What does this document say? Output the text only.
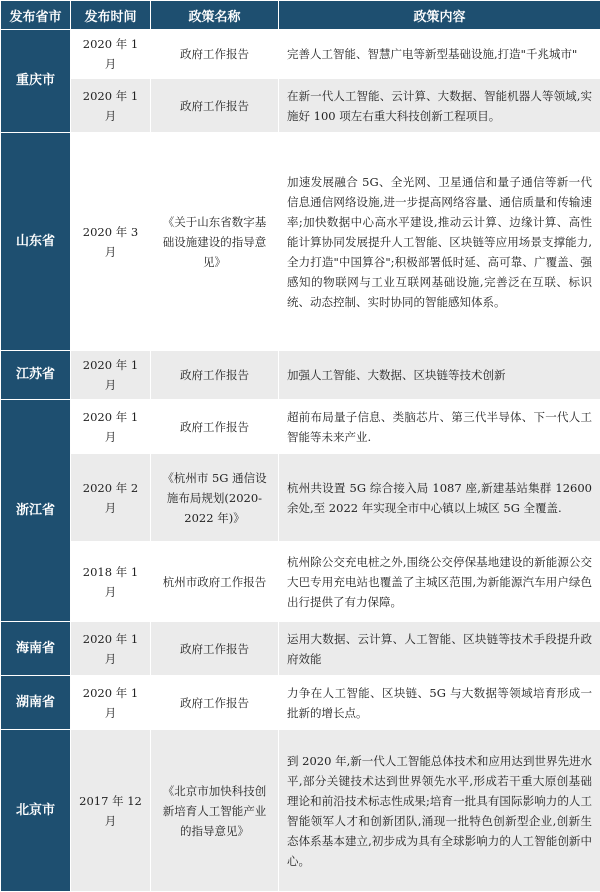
发布省市	发布时间	政策名称	政策内容
重庆市	2020 年 1 月	政府工作报告	完善人工智能、智慧广电等新型基础设施,打造"千兆城市"
	2020 年 1 月	政府工作报告	在新一代人工智能、云计算、大数据、智能机器人等领域,实施好 100 项左右重大科技创新工程项目。
山东省	2020 年 3 月	《关于山东省数字基础设施建设的指导意见》	加速发展融合 5G、全光网、卫星通信和量子通信等新一代信息通信网络设施,进一步提高网络容量、通信质量和传输速率;加快数据中心高水平建设,推动云计算、边缘计算、高性能计算协同发展提升人工智能、区块链等应用场景支撑能力,全力打造"中国算谷";积极部署低时延、高可靠、广覆盖、强感知的物联网与工业互联网基础设施,完善泛在互联、标识统、动态控制、实时协同的智能感知体系。
江苏省	2020 年 1 月	政府工作报告	加强人工智能、大数据、区块链等技术创新
浙江省	2020 年 1 月	政府工作报告	超前布局量子信息、类脑芯片、第三代半导体、下一代人工智能等未来产业.
	2020 年 2 月	《杭州市 5G 通信设施布局规划(2020-2022 年)》	杭州共设置 5G 综合接入局 1087 座,新建基站集群 12600 余处,至 2022 年实现全市中心镇以上城区 5G 全覆盖.
	2018 年 1 月	杭州市政府工作报告	杭州除公交充电桩之外,围绕公交停保基地建设的新能源公交大巴专用充电站也覆盖了主城区范围,为新能源汽车用户绿色出行提供了有力保障。
海南省	2020 年 1 月	政府工作报告	运用大数据、云计算、人工智能、区块链等技术手段提升政府效能
湖南省	2020 年 1 月	政府工作报告	力争在人工智能、区块链、5G 与大数据等领域培育形成一批新的增长点。
北京市	2017 年 12 月	《北京市加快科技创新培育人工智能产业的指导意见》	到 2020 年,新一代人工智能总体技术和应用达到世界先进水平,部分关键技术达到世界领先水平,形成若干重大原创基础理论和前沿技术标志性成果;培育一批具有国际影响力的人工智能领军人才和创新团队,涌现一批特色创新型企业,创新生态体系基本建立,初步成为具有全球影响力的人工智能创新中心。
